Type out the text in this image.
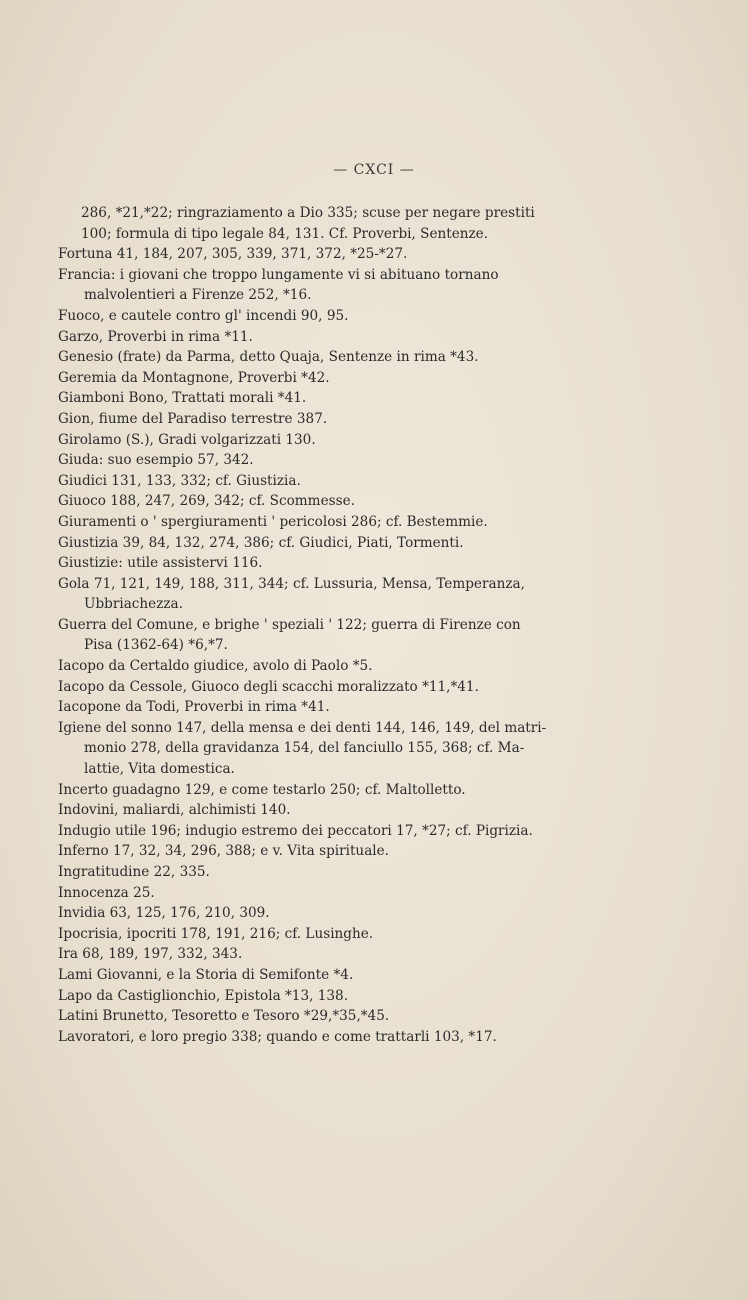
— CXCI —
286, *21,*22; ringraziamento a Dio 335; scuse per negare prestiti
100; formula di tipo legale 84, 131. Cf. Proverbi, Sentenze.
Fortuna 41, 184, 207, 305, 339, 371, 372, *25-*27.
Francia: i giovani che troppo lungamente vi si abituano tornano
malvolentieri a Firenze 252, *16.
Fuoco, e cautele contro gl' incendi 90, 95.
Garzo, Proverbi in rima *11.
Genesio (frate) da Parma, detto Quaja, Sentenze in rima *43.
Geremia da Montagnone, Proverbi *42.
Giamboni Bono, Trattati morali *41.
Gion, fiume del Paradiso terrestre 387.
Girolamo (S.), Gradi volgarizzati 130.
Giuda: suo esempio 57, 342.
Giudici 131, 133, 332; cf. Giustizia.
Giuoco 188, 247, 269, 342; cf. Scommesse.
Giuramenti o ' spergiuramenti ' pericolosi 286; cf. Bestemmie.
Giustizia 39, 84, 132, 274, 386; cf. Giudici, Piati, Tormenti.
Giustizie: utile assistervi 116.
Gola 71, 121, 149, 188, 311, 344; cf. Lussuria, Mensa, Temperanza,
Ubbriachezza.
Guerra del Comune, e brighe ' speziali ' 122; guerra di Firenze con
Pisa (1362-64) *6,*7.
Iacopo da Certaldo giudice, avolo di Paolo *5.
Iacopo da Cessole, Giuoco degli scacchi moralizzato *11,*41.
Iacopone da Todi, Proverbi in rima *41.
Igiene del sonno 147, della mensa e dei denti 144, 146, 149, del matri-
monio 278, della gravidanza 154, del fanciullo 155, 368; cf. Ma-
lattie, Vita domestica.
Incerto guadagno 129, e come testarlo 250; cf. Maltolletto.
Indovini, maliardi, alchimisti 140.
Indugio utile 196; indugio estremo dei peccatori 17, *27; cf. Pigrizia.
Inferno 17, 32, 34, 296, 388; e v. Vita spirituale.
Ingratitudine 22, 335.
Innocenza 25.
Invidia 63, 125, 176, 210, 309.
Ipocrisia, ipocriti 178, 191, 216; cf. Lusinghe.
Ira 68, 189, 197, 332, 343.
Lami Giovanni, e la Storia di Semifonte *4.
Lapo da Castiglionchio, Epistola *13, 138.
Latini Brunetto, Tesoretto e Tesoro *29,*35,*45.
Lavoratori, e loro pregio 338; quando e come trattarli 103, *17.
